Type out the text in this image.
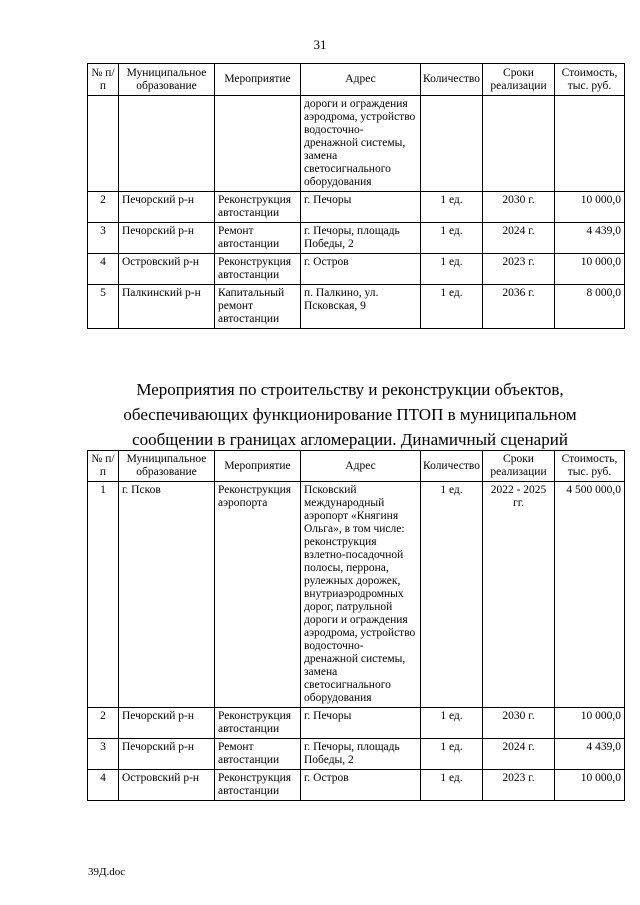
31
№ п/п	Муниципальное образование	Мероприятие	Адрес	Количество	Сроки реализации	Стоимость, тыс. руб.
			дороги и ограждения аэродрома, устройство водосточно-дренажной системы, замена светосигнального оборудования			
2	Печорский р-н	Реконструкция автостанции	г. Печоры	1 ед.	2030 г.	10 000,0
3	Печорский р-н	Ремонт автостанции	г. Печоры, площадь Победы, 2	1 ед.	2024 г.	4 439,0
4	Островский р-н	Реконструкция автостанции	г. Остров	1 ед.	2023 г.	10 000,0
5	Палкинский р-н	Капитальный ремонт автостанции	п. Палкино, ул. Псковская, 9	1 ед.	2036 г.	8 000,0
Мероприятия по строительству и реконструкции объектов,
обеспечивающих функционирование ПТОП в муниципальном
сообщении в границах агломерации. Динамичный сценарий
№ п/п	Муниципальное образование	Мероприятие	Адрес	Количество	Сроки реализации	Стоимость, тыс. руб.
1	г. Псков	Реконструкция аэропорта	Псковский международный аэропорт «Княгиня Ольга», в том числе: реконструкция взлетно-посадочной полосы, перрона, рулежных дорожек, внутриаэродромных дорог, патрульной дороги и ограждения аэродрома, устройство водосточно-дренажной системы, замена светосигнального оборудования	1 ед.	2022 - 2025 гг.	4 500 000,0
2	Печорский р-н	Реконструкция автостанции	г. Печоры	1 ед.	2030 г.	10 000,0
3	Печорский р-н	Ремонт автостанции	г. Печоры, площадь Победы, 2	1 ед.	2024 г.	4 439,0
4	Островский р-н	Реконструкция автостанции	г. Остров	1 ед.	2023 г.	10 000,0
39Д.doc
